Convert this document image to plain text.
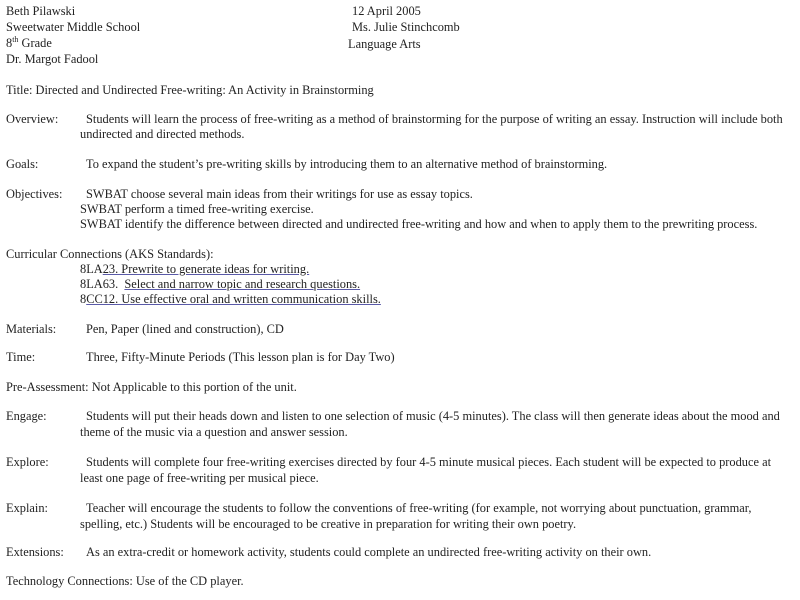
Beth Pilawski
Sweetwater Middle School
8th Grade
Dr. Margot Fadool
12 April 2005
Ms. Julie Stinchcomb
Language Arts
Title: Directed and Undirected Free-writing: An Activity in Brainstorming
Overview: Students will learn the process of free-writing as a method of brainstorming for the purpose of writing an essay. Instruction will include both
undirected and directed methods.
Goals:	To expand the student’s pre-writing skills by introducing them to an alternative method of brainstorming.
Objectives: SWBAT choose several main ideas from their writings for use as essay topics.
SWBAT perform a timed free-writing exercise.
SWBAT identify the difference between directed and undirected free-writing and how and when to apply them to the prewriting process.
Curricular Connections (AKS Standards):
8LA23. Prewrite to generate ideas for writing.
8LA63.  Select and narrow topic and research questions.
8CC12. Use effective oral and written communication skills.
Materials: Pen, Paper (lined and construction), CD
Time:	Three, Fifty-Minute Periods (This lesson plan is for Day Two)
Pre-Assessment: Not Applicable to this portion of the unit.
Engage:	Students will put their heads down and listen to one selection of music (4-5 minutes). The class will then generate ideas about the mood and
theme of the music via a question and answer session.
Explore:	Students will complete four free-writing exercises directed by four 4-5 minute musical pieces. Each student will be expected to produce at
least one page of free-writing per musical piece.
Explain:	Teacher will encourage the students to follow the conventions of free-writing (for example, not worrying about punctuation, grammar,
spelling, etc.) Students will be encouraged to be creative in preparation for writing their own poetry.
Extensions: As an extra-credit or homework activity, students could complete an undirected free-writing activity on their own.
Technology Connections: Use of the CD player.
